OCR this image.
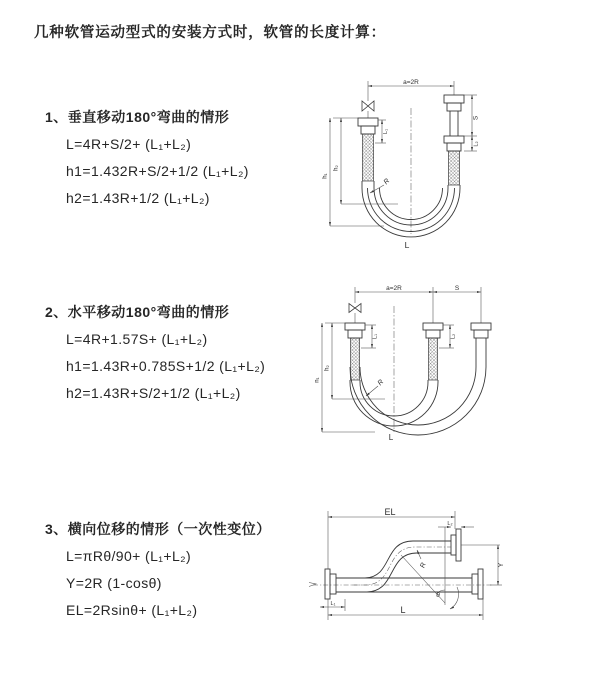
几种软管运动型式的安装方式时，软管的长度计算：
1、垂直移动180°弯曲的情形
L=4R+S/2+ (L₁+L₂)
h1=1.432R+S/2+1/2 (L₁+L₂)
h2=1.43R+1/2 (L₁+L₂)
2、水平移动180°弯曲的情形
L=4R+1.57S+ (L₁+L₂)
h1=1.43R+0.785S+1/2 (L₁+L₂)
h2=1.43R+S/2+1/2 (L₁+L₂)
3、横向位移的情形（一次性变位）
L=πRθ/90+ (L₁+L₂)
Y=2R (1-cosθ)
EL=2Rsinθ+ (L₁+L₂)
a=2R
S
L₂
L₁
h₁
h₂
R
L
a=2R	S
L₁	L₂
h₁
h₂
R
L
θ
R
EL
L₂
Y
L
L₁
